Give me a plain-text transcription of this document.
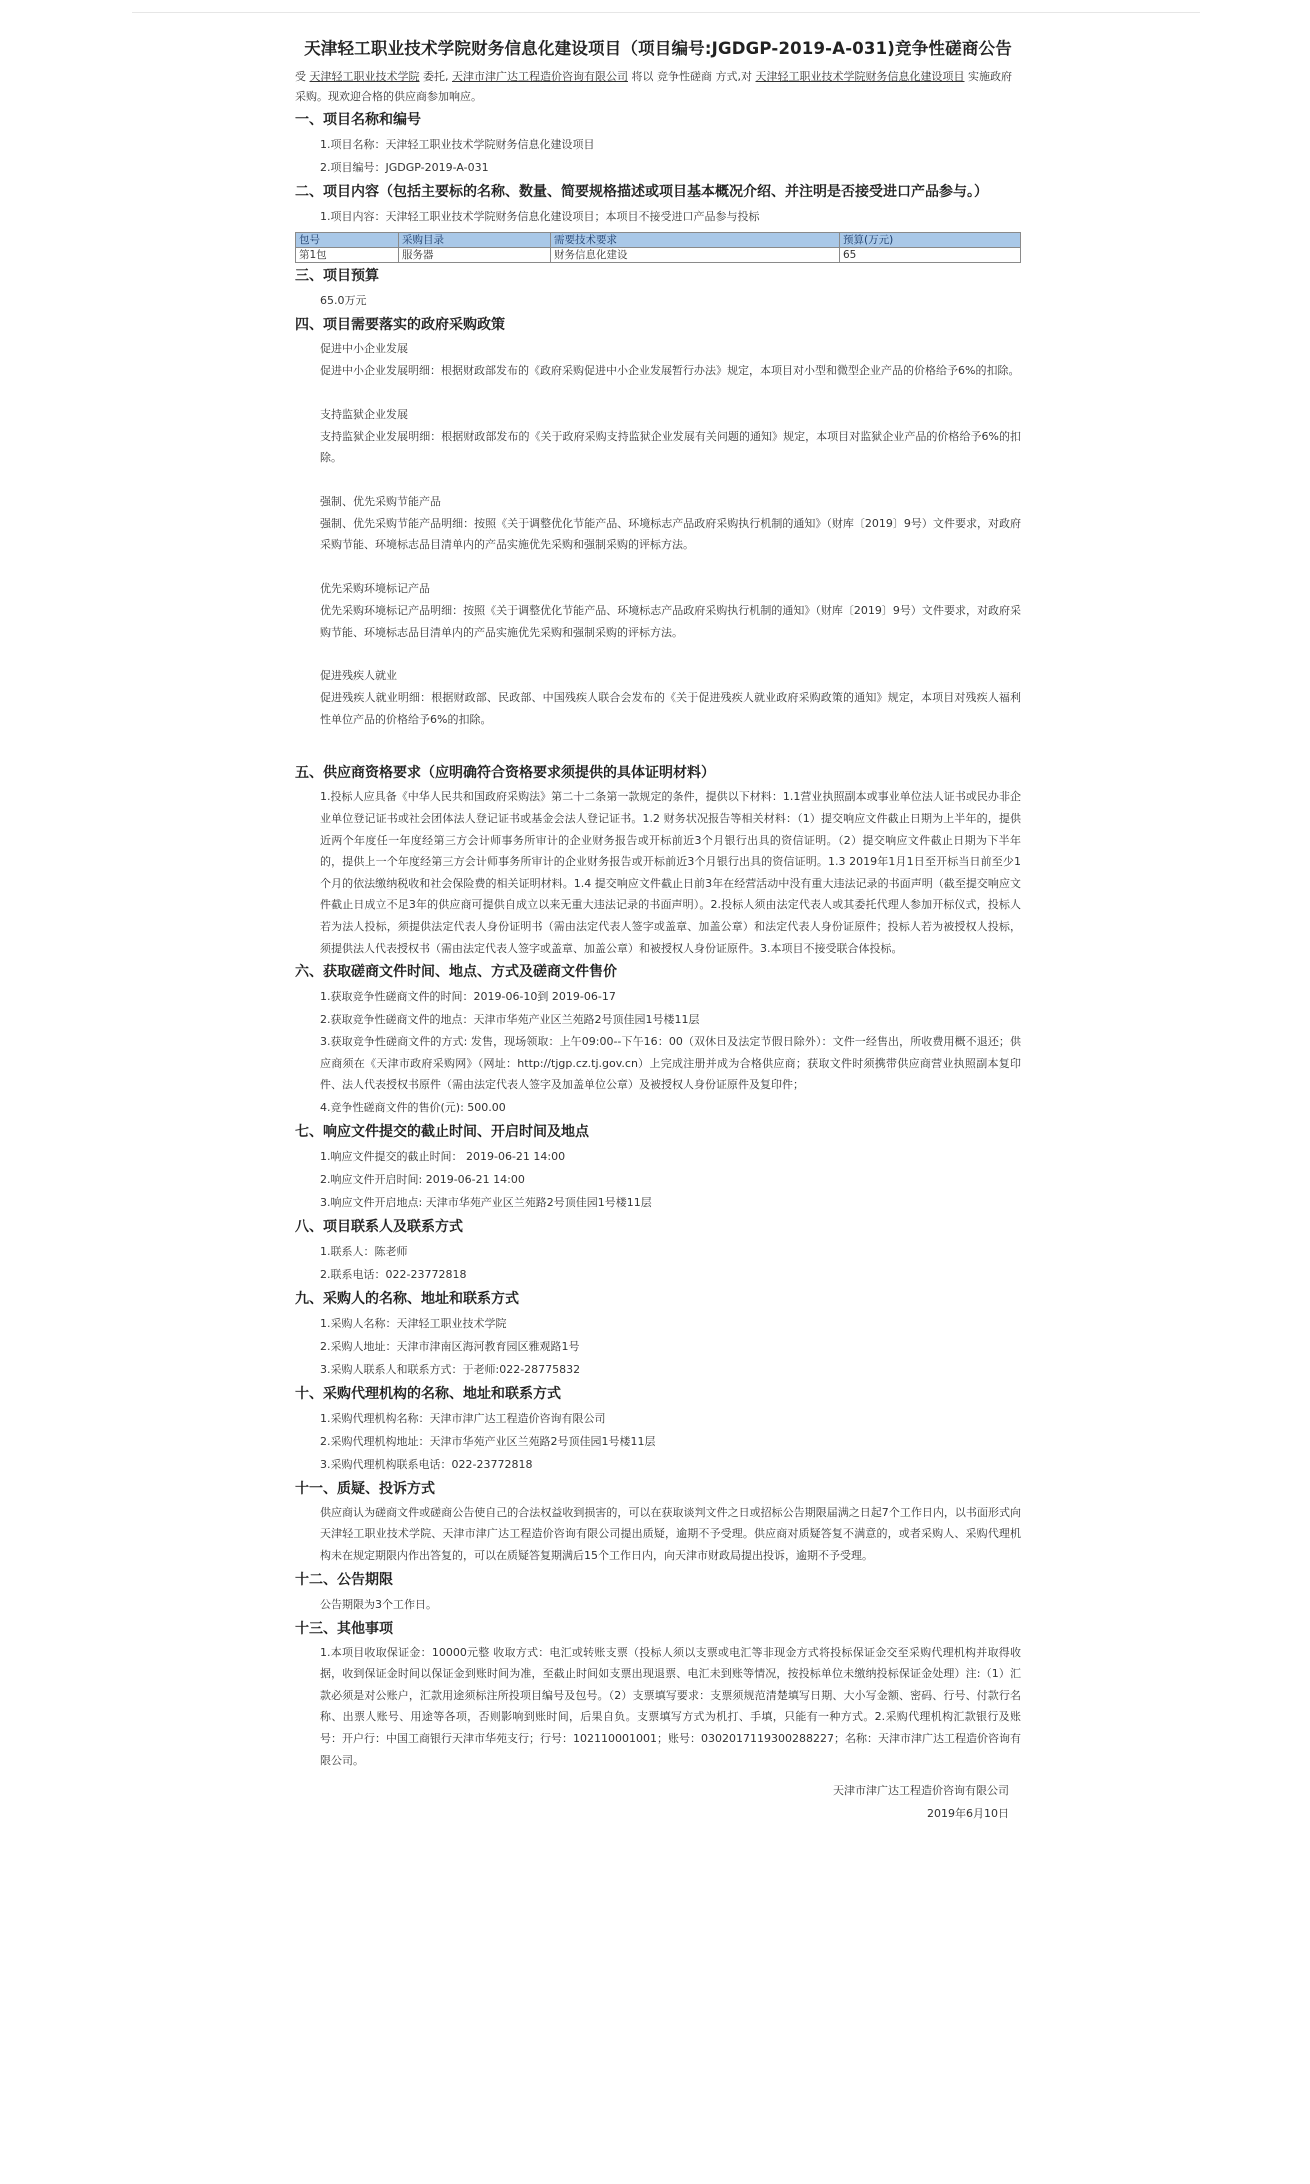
天津轻工职业技术学院财务信息化建设项目（项目编号:JGDGP-2019-A-031)竞争性磋商公告

受 天津轻工职业技术学院 委托, 天津市津广达工程造价咨询有限公司 将以 竞争性磋商 方式,对 天津轻工职业技术学院财务信息化建设项目 实施政府采购。现欢迎合格的供应商参加响应。

一、项目名称和编号

1.项目名称：天津轻工职业技术学院财务信息化建设项目

2.项目编号：JGDGP-2019-A-031

二、项目内容（包括主要标的名称、数量、简要规格描述或项目基本概况介绍、并注明是否接受进口产品参与。）

1.项目内容：天津轻工职业技术学院财务信息化建设项目；本项目不接受进口产品参与投标

包号	采购目录	需要技术要求	预算(万元)
第1包	服务器	财务信息化建设	65
三、项目预算

65.0万元

四、项目需要落实的政府采购政策

促进中小企业发展

促进中小企业发展明细：根据财政部发布的《政府采购促进中小企业发展暂行办法》规定，本项目对小型和微型企业产品的价格给予6%的扣除。

支持监狱企业发展

支持监狱企业发展明细：根据财政部发布的《关于政府采购支持监狱企业发展有关问题的通知》规定，本项目对监狱企业产品的价格给予6%的扣除。

强制、优先采购节能产品

强制、优先采购节能产品明细：按照《关于调整优化节能产品、环境标志产品政府采购执行机制的通知》（财库〔2019〕9号）文件要求，对政府采购节能、环境标志品目清单内的产品实施优先采购和强制采购的评标方法。

优先采购环境标记产品

优先采购环境标记产品明细：按照《关于调整优化节能产品、环境标志产品政府采购执行机制的通知》（财库〔2019〕9号）文件要求，对政府采购节能、环境标志品目清单内的产品实施优先采购和强制采购的评标方法。

促进残疾人就业

促进残疾人就业明细：根据财政部、民政部、中国残疾人联合会发布的《关于促进残疾人就业政府采购政策的通知》规定，本项目对残疾人福利性单位产品的价格给予6%的扣除。

五、供应商资格要求（应明确符合资格要求须提供的具体证明材料）

1.投标人应具备《中华人民共和国政府采购法》第二十二条第一款规定的条件，提供以下材料：1.1营业执照副本或事业单位法人证书或民办非企业单位登记证书或社会团体法人登记证书或基金会法人登记证书。1.2 财务状况报告等相关材料：（1）提交响应文件截止日期为上半年的，提供近两个年度任一年度经第三方会计师事务所审计的企业财务报告或开标前近3个月银行出具的资信证明。（2）提交响应文件截止日期为下半年的，提供上一个年度经第三方会计师事务所审计的企业财务报告或开标前近3个月银行出具的资信证明。1.3 2019年1月1日至开标当日前至少1个月的依法缴纳税收和社会保险费的相关证明材料。1.4 提交响应文件截止日前3年在经营活动中没有重大违法记录的书面声明（截至提交响应文件截止日成立不足3年的供应商可提供自成立以来无重大违法记录的书面声明）。2.投标人须由法定代表人或其委托代理人参加开标仪式，投标人若为法人投标，须提供法定代表人身份证明书（需由法定代表人签字或盖章、加盖公章）和法定代表人身份证原件；投标人若为被授权人投标，须提供法人代表授权书（需由法定代表人签字或盖章、加盖公章）和被授权人身份证原件。3.本项目不接受联合体投标。

六、获取磋商文件时间、地点、方式及磋商文件售价

1.获取竞争性磋商文件的时间：2019-06-10到 2019-06-17

2.获取竞争性磋商文件的地点：天津市华苑产业区兰苑路2号顶佳园1号楼11层

3.获取竞争性磋商文件的方式: 发售，现场领取：上午09:00--下午16：00（双休日及法定节假日除外）：文件一经售出，所收费用概不退还；供应商须在《天津市政府采购网》（网址：http://tjgp.cz.tj.gov.cn）上完成注册并成为合格供应商；获取文件时须携带供应商营业执照副本复印件、法人代表授权书原件（需由法定代表人签字及加盖单位公章）及被授权人身份证原件及复印件；

4.竞争性磋商文件的售价(元): 500.00

七、响应文件提交的截止时间、开启时间及地点

1.响应文件提交的截止时间： 2019-06-21 14:00

2.响应文件开启时间: 2019-06-21 14:00

3.响应文件开启地点: 天津市华苑产业区兰苑路2号顶佳园1号楼11层

八、项目联系人及联系方式

1.联系人：陈老师

2.联系电话：022-23772818

九、采购人的名称、地址和联系方式

1.采购人名称：天津轻工职业技术学院

2.采购人地址：天津市津南区海河教育园区雅观路1号

3.采购人联系人和联系方式：于老师:022-28775832

十、采购代理机构的名称、地址和联系方式

1.采购代理机构名称：天津市津广达工程造价咨询有限公司

2.采购代理机构地址：天津市华苑产业区兰苑路2号顶佳园1号楼11层

3.采购代理机构联系电话：022-23772818

十一、质疑、投诉方式

供应商认为磋商文件或磋商公告使自己的合法权益收到损害的，可以在获取谈判文件之日或招标公告期限届满之日起7个工作日内，以书面形式向 天津轻工职业技术学院、天津市津广达工程造价咨询有限公司提出质疑，逾期不予受理。供应商对质疑答复不满意的，或者采购人、采购代理机构未在规定期限内作出答复的，可以在质疑答复期满后15个工作日内，向天津市财政局提出投诉，逾期不予受理。

十二、公告期限

公告期限为3个工作日。

十三、其他事项

1.本项目收取保证金：10000元整 收取方式：电汇或转账支票（投标人须以支票或电汇等非现金方式将投标保证金交至采购代理机构并取得收据，收到保证金时间以保证金到账时间为准，至截止时间如支票出现退票、电汇未到账等情况，按投标单位未缴纳投标保证金处理）注:（1）汇款必须是对公账户，汇款用途须标注所投项目编号及包号。（2）支票填写要求：支票须规范清楚填写日期、大小写金额、密码、行号、付款行名称、出票人账号、用途等各项，否则影响到账时间，后果自负。支票填写方式为机打、手填，只能有一种方式。2.采购代理机构汇款银行及账号：开户行：中国工商银行天津市华苑支行；行号：102110001001；账号：0302017119300288227；名称：天津市津广达工程造价咨询有限公司。

天津市津广达工程造价咨询有限公司

2019年6月10日
